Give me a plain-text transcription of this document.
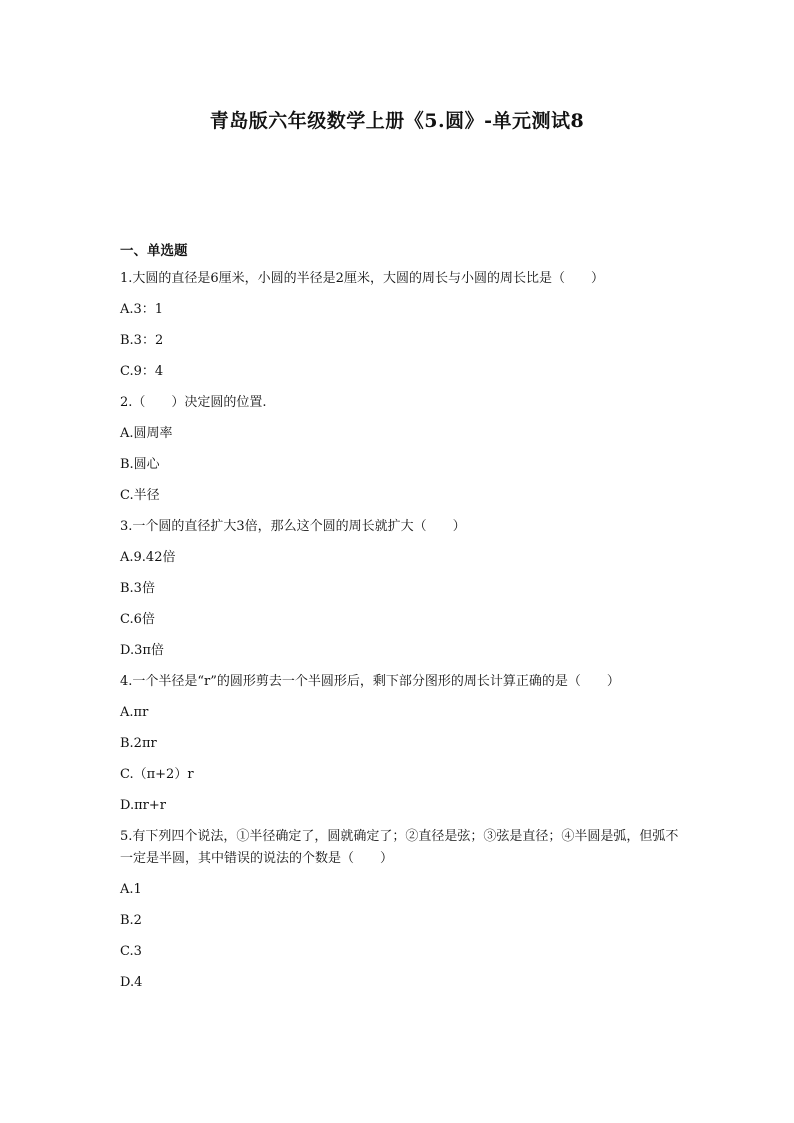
青岛版六年级数学上册《5.圆》-单元测试8
一、单选题
1.大圆的直径是6厘米，小圆的半径是2厘米，大圆的周长与小圆的周长比是（　　）
A.3：1
B.3：2
C.9：4
2.（　　）决定圆的位置.
A.圆周率
B.圆心
C.半径
3.一个圆的直径扩大3倍，那么这个圆的周长就扩大（　　）
A.9.42倍
B.3倍
C.6倍
D.3π倍
4.一个半径是“r”的圆形剪去一个半圆形后，剩下部分图形的周长计算正确的是（　　）
A.πr
B.2πr
C.（π+2）r
D.πr+r
5.有下列四个说法，①半径确定了，圆就确定了；②直径是弦；③弦是直径；④半圆是弧，但弧不一定是半圆，其中错误的说法的个数是（　　）
A.1
B.2
C.3
D.4
